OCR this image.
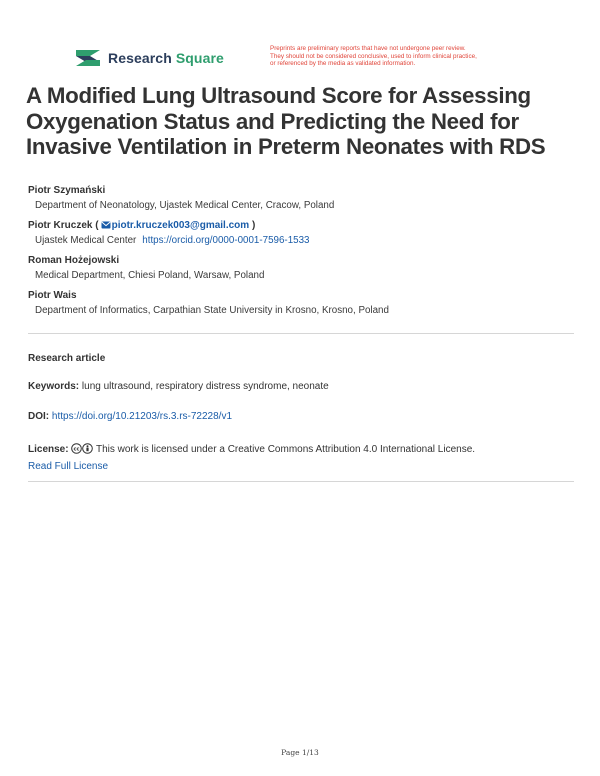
Research Square
Preprints are preliminary reports that have not undergone peer review.
They should not be considered conclusive, used to inform clinical practice,
or referenced by the media as validated information.
A Modified Lung Ultrasound Score for Assessing Oxygenation Status and Predicting the Need for Invasive Ventilation in Preterm Neonates with RDS
Piotr Szymański
Department of Neonatology, Ujastek Medical Center, Cracow, Poland
Piotr Kruczek ( piotr.kruczek003@gmail.com )
Ujastek Medical Center https://orcid.org/0000-0001-7596-1533
Roman Hożejowski
Medical Department, Chiesi Poland, Warsaw, Poland
Piotr Wais
Department of Informatics, Carpathian State University in Krosno, Krosno, Poland
Research article
Keywords: lung ultrasound, respiratory distress syndrome, neonate
DOI: https://doi.org/10.21203/rs.3.rs-72228/v1
License: cc This work is licensed under a Creative Commons Attribution 4.0 International License.
Read Full License
Page 1/13
